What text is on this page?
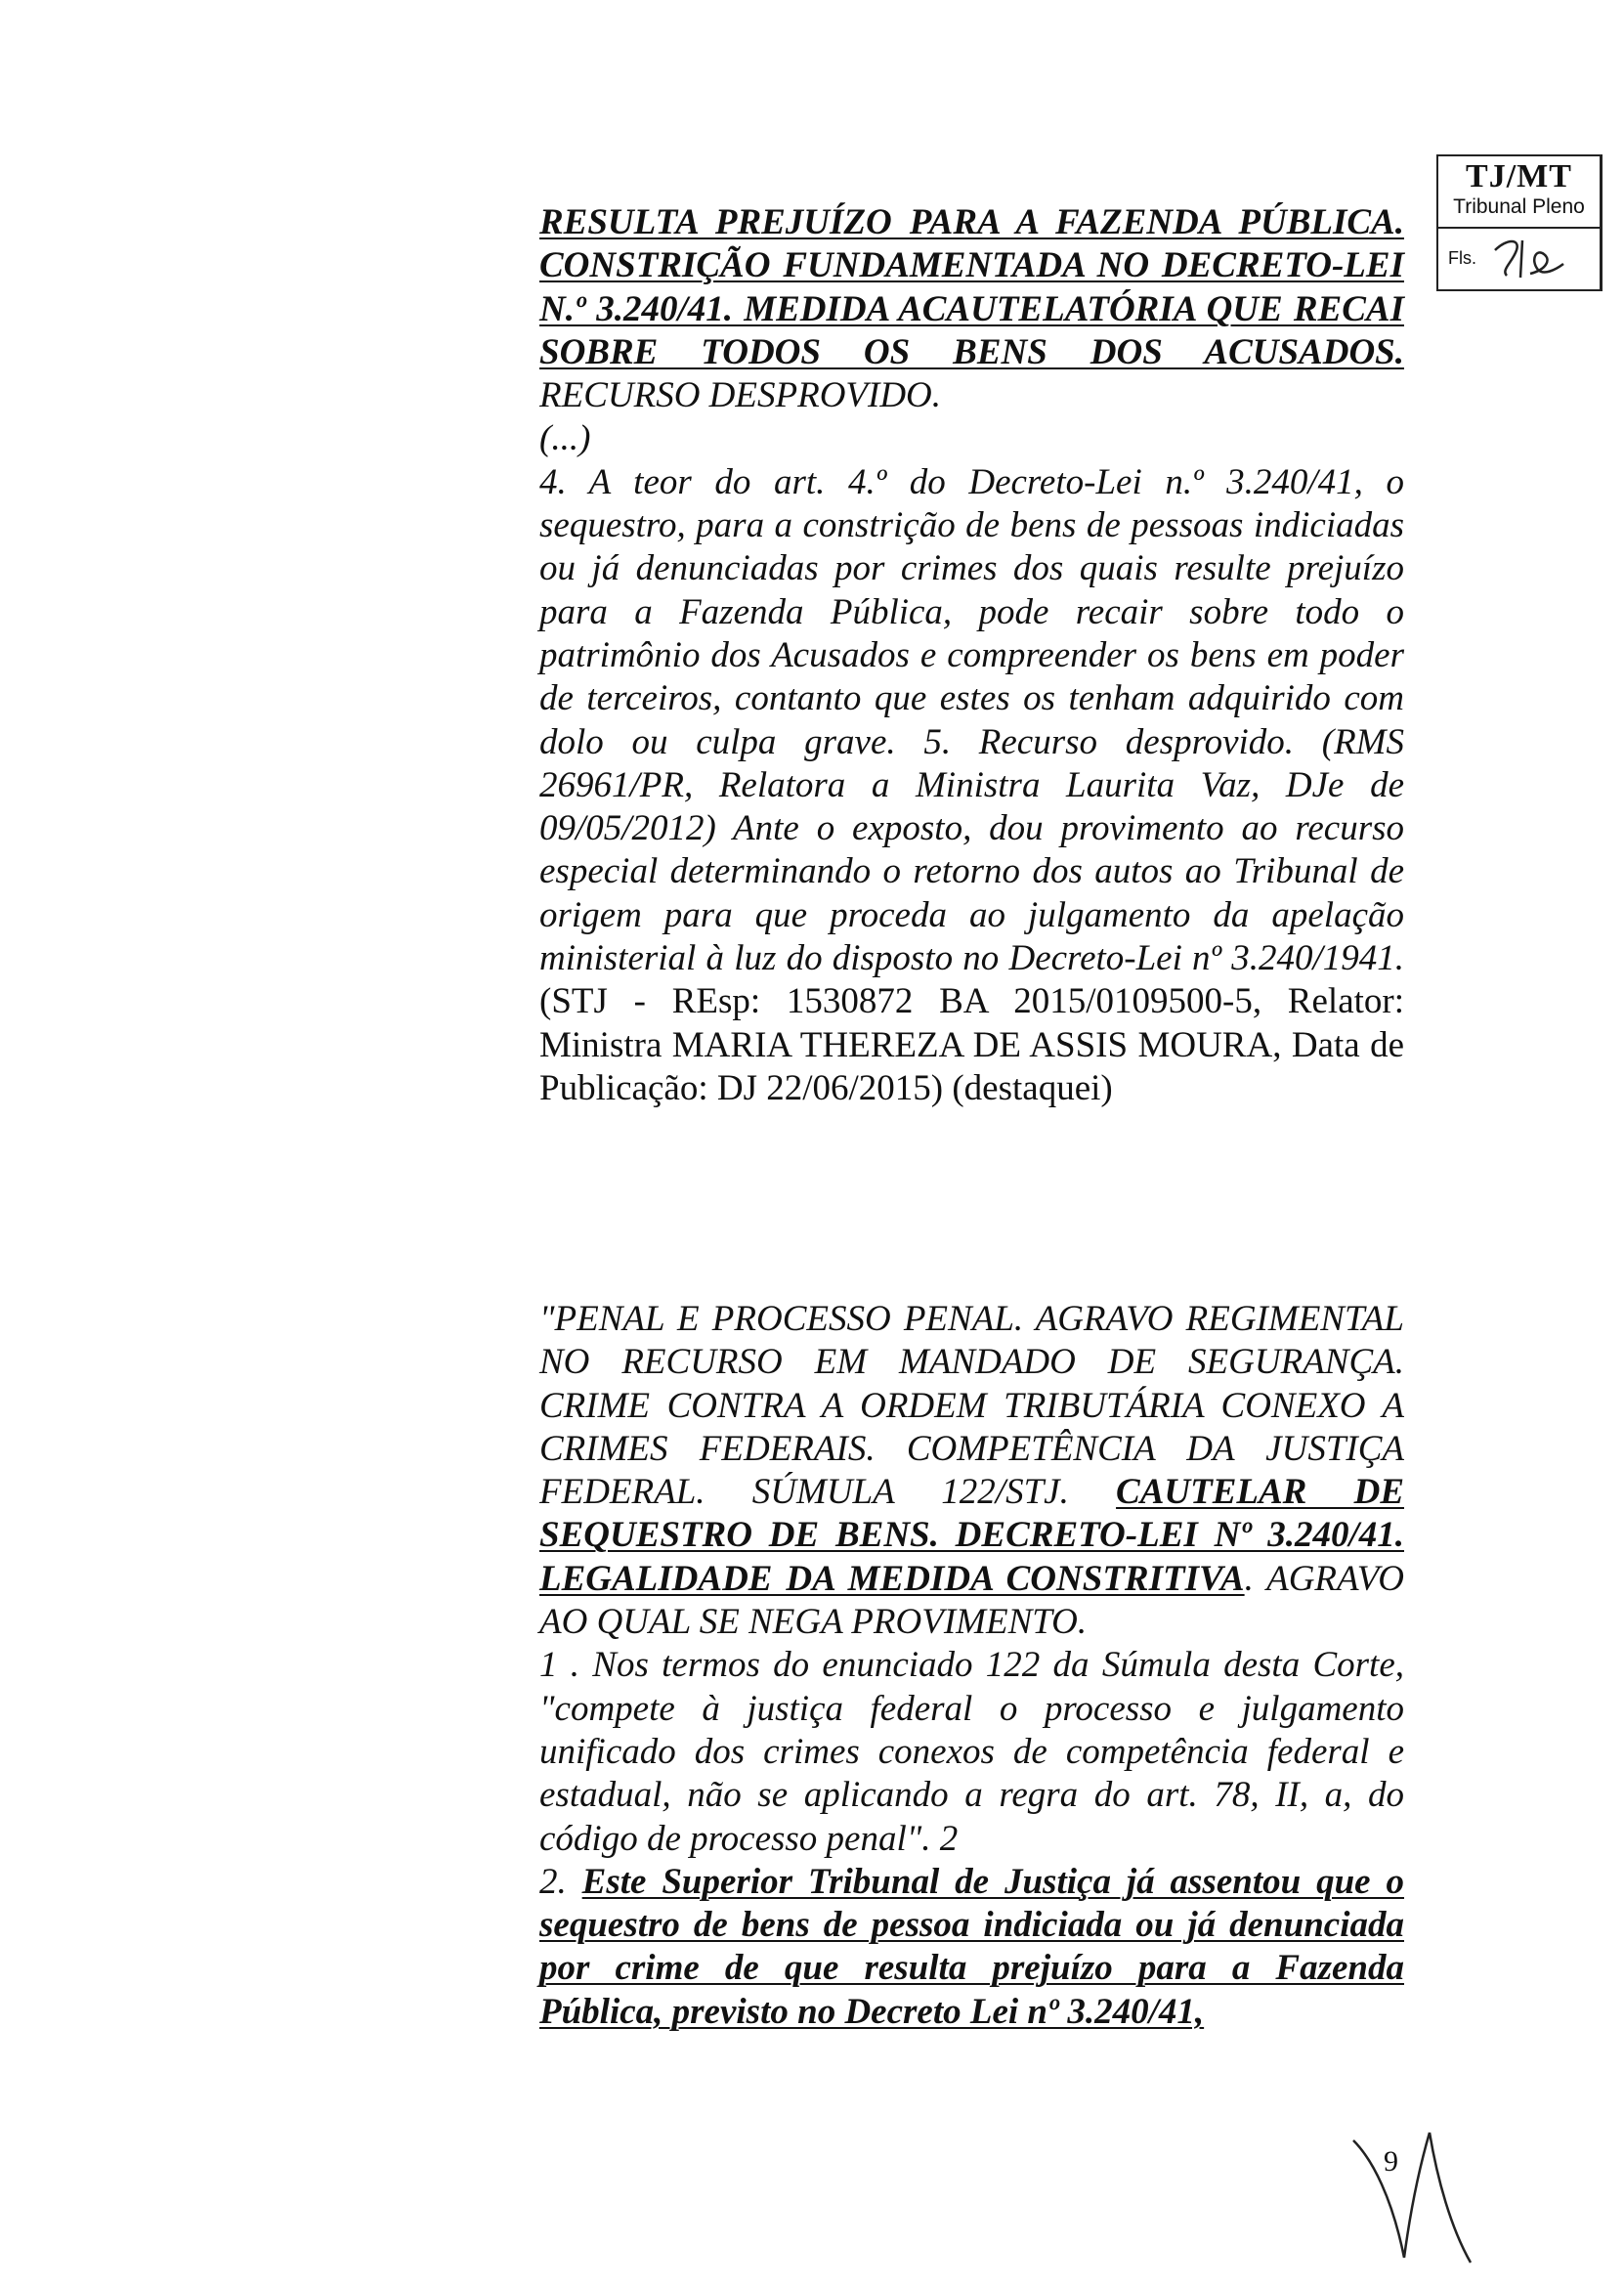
TJ/MT
Tribunal Pleno
Fls.

RESULTA PREJUÍZO PARA A FAZENDA PÚBLICA. CONSTRIÇÃO FUNDAMENTADA NO DECRETO-LEI N.º 3.240/41. MEDIDA ACAUTELATÓRIA QUE RECAI SOBRE TODOS OS BENS DOS ACUSADOS. RECURSO DESPROVIDO.

(...)

4. A teor do art. 4.º do Decreto-Lei n.º 3.240/41, o sequestro, para a constrição de bens de pessoas indiciadas ou já denunciadas por crimes dos quais resulte prejuízo para a Fazenda Pública, pode recair sobre todo o patrimônio dos Acusados e compreender os bens em poder de terceiros, contanto que estes os tenham adquirido com dolo ou culpa grave. 5. Recurso desprovido. (RMS 26961/PR, Relatora a Ministra Laurita Vaz, DJe de 09/05/2012) Ante o exposto, dou provimento ao recurso especial determinando o retorno dos autos ao Tribunal de origem para que proceda ao julgamento da apelação ministerial à luz do disposto no Decreto-Lei nº 3.240/1941. (STJ - REsp: 1530872 BA 2015/0109500-5, Relator: Ministra MARIA THEREZA DE ASSIS MOURA, Data de Publicação: DJ 22/06/2015) (destaquei)

"PENAL E PROCESSO PENAL. AGRAVO REGIMENTAL NO RECURSO EM MANDADO DE SEGURANÇA. CRIME CONTRA A ORDEM TRIBUTÁRIA CONEXO A CRIMES FEDERAIS. COMPETÊNCIA DA JUSTIÇA FEDERAL. SÚMULA 122/STJ. CAUTELAR DE SEQUESTRO DE BENS. DECRETO-LEI Nº 3.240/41. LEGALIDADE DA MEDIDA CONSTRITIVA. AGRAVO AO QUAL SE NEGA PROVIMENTO.

1 . Nos termos do enunciado 122 da Súmula desta Corte, "compete à justiça federal o processo e julgamento unificado dos crimes conexos de competência federal e estadual, não se aplicando a regra do art. 78, II, a, do código de processo penal". 2

2. Este Superior Tribunal de Justiça já assentou que o sequestro de bens de pessoa indiciada ou já denunciada por crime de que resulta prejuízo para a Fazenda Pública, previsto no Decreto Lei nº 3.240/41,

9
